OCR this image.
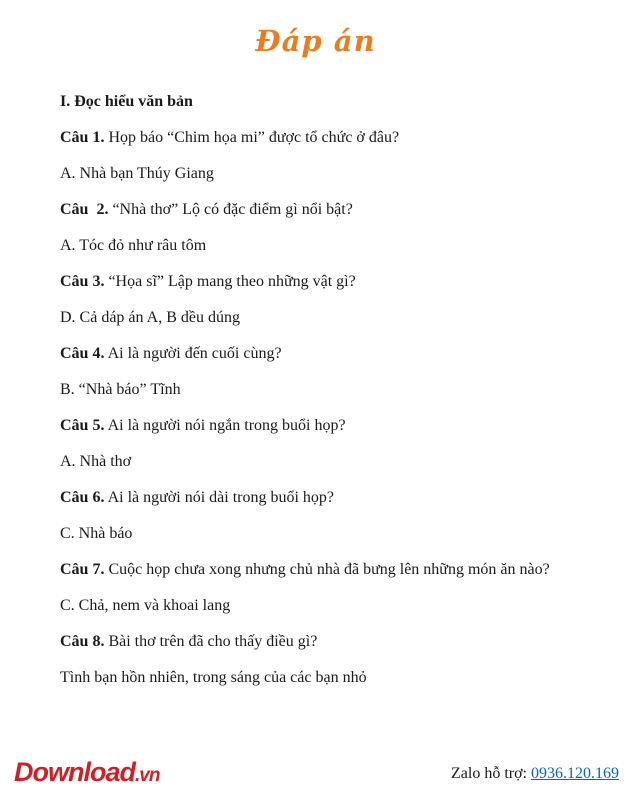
Đáp án

I. Đọc hiểu văn bản

Câu 1. Họp báo “Chim họa mi” được tổ chức ở đâu?

A. Nhà bạn Thúy Giang

Câu  2. “Nhà thơ” Lộ có đặc điểm gì nổi bật?

A. Tóc đỏ như râu tôm

Câu 3. “Họa sĩ” Lập mang theo những vật gì?

D. Cả dáp án A, B dều dúng

Câu 4. Ai là người đến cuối cùng?

B. “Nhà báo” Tĩnh

Câu 5. Ai là người nói ngắn trong buổi họp?

A. Nhà thơ

Câu 6. Ai là người nói dài trong buổi họp?

C. Nhà báo

Câu 7. Cuộc họp chưa xong nhưng chủ nhà đã bưng lên những món ăn nào?

C. Chả, nem và khoai lang

Câu 8. Bài thơ trên đã cho thấy điều gì?

Tình bạn hồn nhiên, trong sáng của các bạn nhỏ

Download.vn	Zalo hỗ trợ: 0936.120.169
